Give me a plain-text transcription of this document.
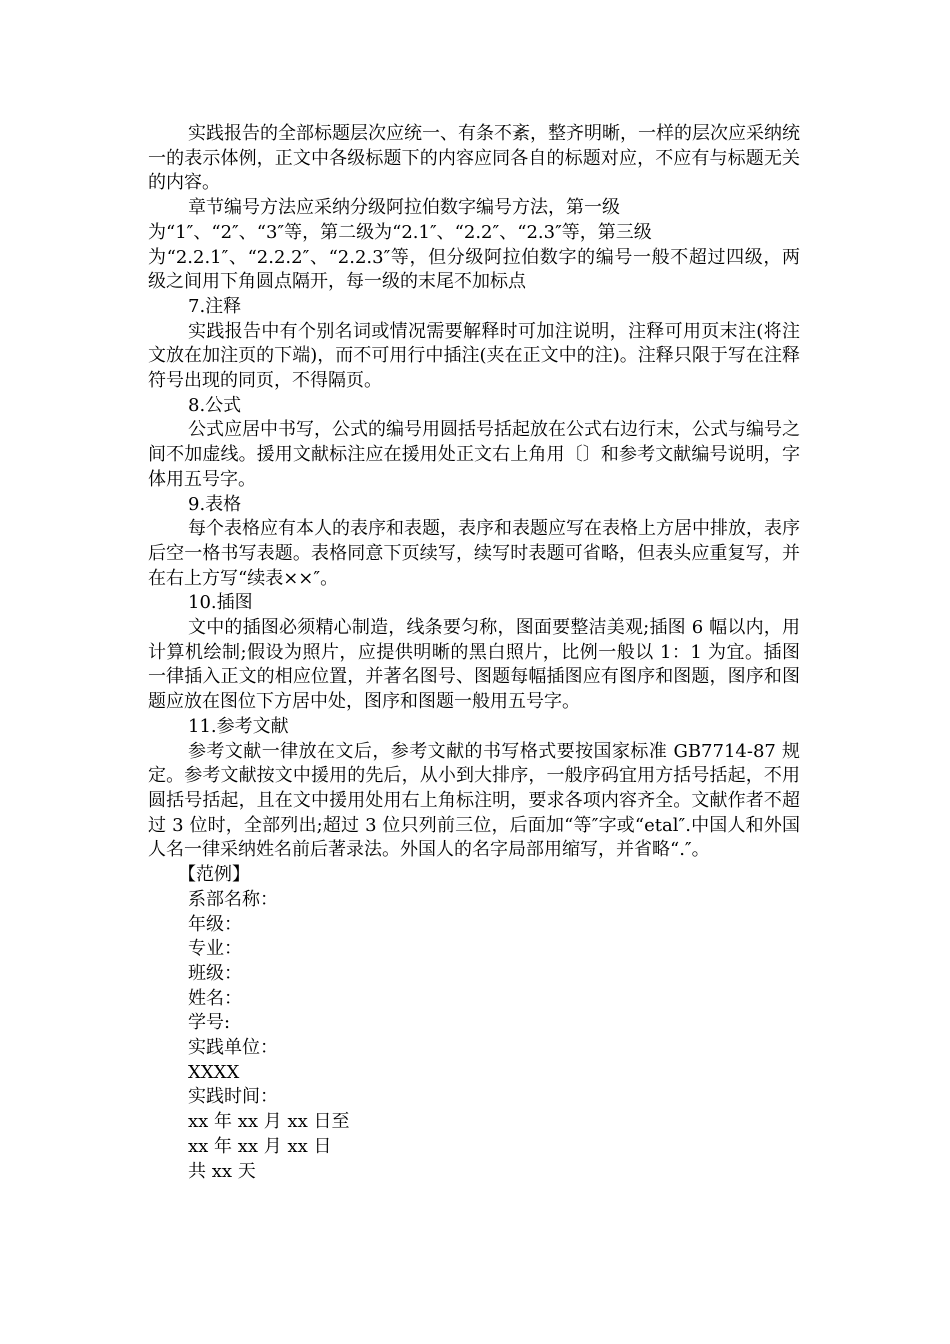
实践报告的全部标题层次应统一、有条不紊，整齐明晰，一样的层次应采纳统一的表示体例，正文中各级标题下的内容应同各自的标题对应，不应有与标题无关的内容。

章节编号方法应采纳分级阿拉伯数字编号方法，第一级

为“1″、“2″、“3″等，第二级为“2.1″、“2.2″、“2.3″等，第三级

为“2.2.1″、“2.2.2″、“2.2.3″等，但分级阿拉伯数字的编号一般不超过四级，两级之间用下角圆点隔开，每一级的末尾不加标点

7.注释

实践报告中有个别名词或情况需要解释时可加注说明，注释可用页末注(将注文放在加注页的下端)，而不可用行中插注(夹在正文中的注)。注释只限于写在注释符号出现的同页，不得隔页。

8.公式

公式应居中书写，公式的编号用圆括号括起放在公式右边行末，公式与编号之间不加虚线。援用文献标注应在援用处正文右上角用〔〕和参考文献编号说明，字体用五号字。

9.表格

每个表格应有本人的表序和表题，表序和表题应写在表格上方居中排放，表序后空一格书写表题。表格同意下页续写，续写时表题可省略，但表头应重复写，并在右上方写“续表××″。

10.插图

文中的插图必须精心制造，线条要匀称，图面要整洁美观;插图 6 幅以内，用计算机绘制;假设为照片，应提供明晰的黑白照片，比例一般以 1：1 为宜。插图一律插入正文的相应位置，并著名图号、图题每幅插图应有图序和图题，图序和图题应放在图位下方居中处，图序和图题一般用五号字。

11.参考文献

参考文献一律放在文后，参考文献的书写格式要按国家标准 GB7714-87 规定。参考文献按文中援用的先后，从小到大排序，一般序码宜用方括号括起，不用圆括号括起，且在文中援用处用右上角标注明，要求各项内容齐全。文献作者不超过 3 位时，全部列出;超过 3 位只列前三位，后面加“等″字或“etal″.中国人和外国人名一律采纳姓名前后著录法。外国人的名字局部用缩写，并省略“.″。

【范例】

系部名称：

年级：

专业：

班级：

姓名：

学号:

实践单位：

XXXX

实践时间：

xx 年 xx 月 xx 日至

xx 年 xx 月 xx 日

共 xx 天
